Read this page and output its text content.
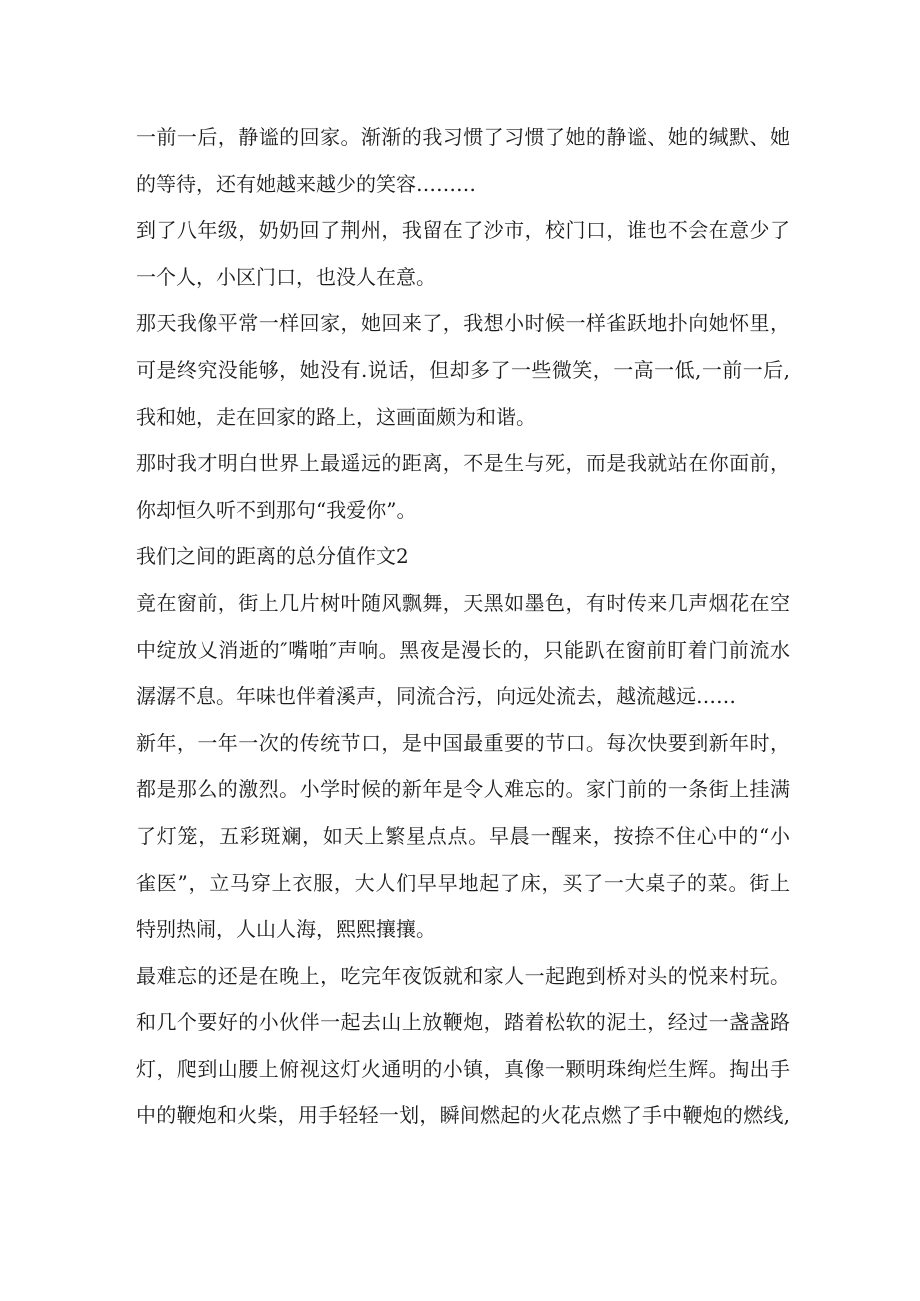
一前一后，静谧的回家。渐渐的我习惯了习惯了她的静谧、她的缄默、她
的等待，还有她越来越少的笑容………
到了八年级，奶奶回了荆州，我留在了沙市，校门口，谁也不会在意少了
一个人，小区门口，也没人在意。
那天我像平常一样回家，她回来了，我想小时候一样雀跃地扑向她怀里，
可是终究没能够，她没有.说话，但却多了一些微笑，一高一低,一前一后,
我和她，走在回家的路上，这画面颇为和谐。
那时我才明白世界上最遥远的距离，不是生与死，而是我就站在你面前，
你却恒久听不到那句“我爱你”。
我们之间的距离的总分值作文2
竟在窗前，街上几片树叶随风飘舞，天黑如墨色，有时传来几声烟花在空
中绽放乂消逝的″嘴啪″声响。黑夜是漫长的，只能趴在窗前盯着门前流水
潺潺不息。年味也伴着溪声，同流合污，向远处流去，越流越远……
新年，一年一次的传统节口，是中国最重要的节口。每次快要到新年时，
都是那么的激烈。小学时候的新年是令人难忘的。家门前的一条街上挂满
了灯笼，五彩斑斓，如天上繁星点点。早晨一醒来，按捺不住心中的“小
雀医”，立马穿上衣服，大人们早早地起了床，买了一大桌子的菜。街上
特别热闹，人山人海，熙熙攘攘。
最难忘的还是在晚上，吃完年夜饭就和家人一起跑到桥对头的悦来村玩。
和几个要好的小伙伴一起去山上放鞭炮，踏着松软的泥土，经过一盏盏路
灯，爬到山腰上俯视这灯火通明的小镇，真像一颗明珠绚烂生辉。掏出手
中的鞭炮和火柴，用手轻轻一划，瞬间燃起的火花点燃了手中鞭炮的燃线,
